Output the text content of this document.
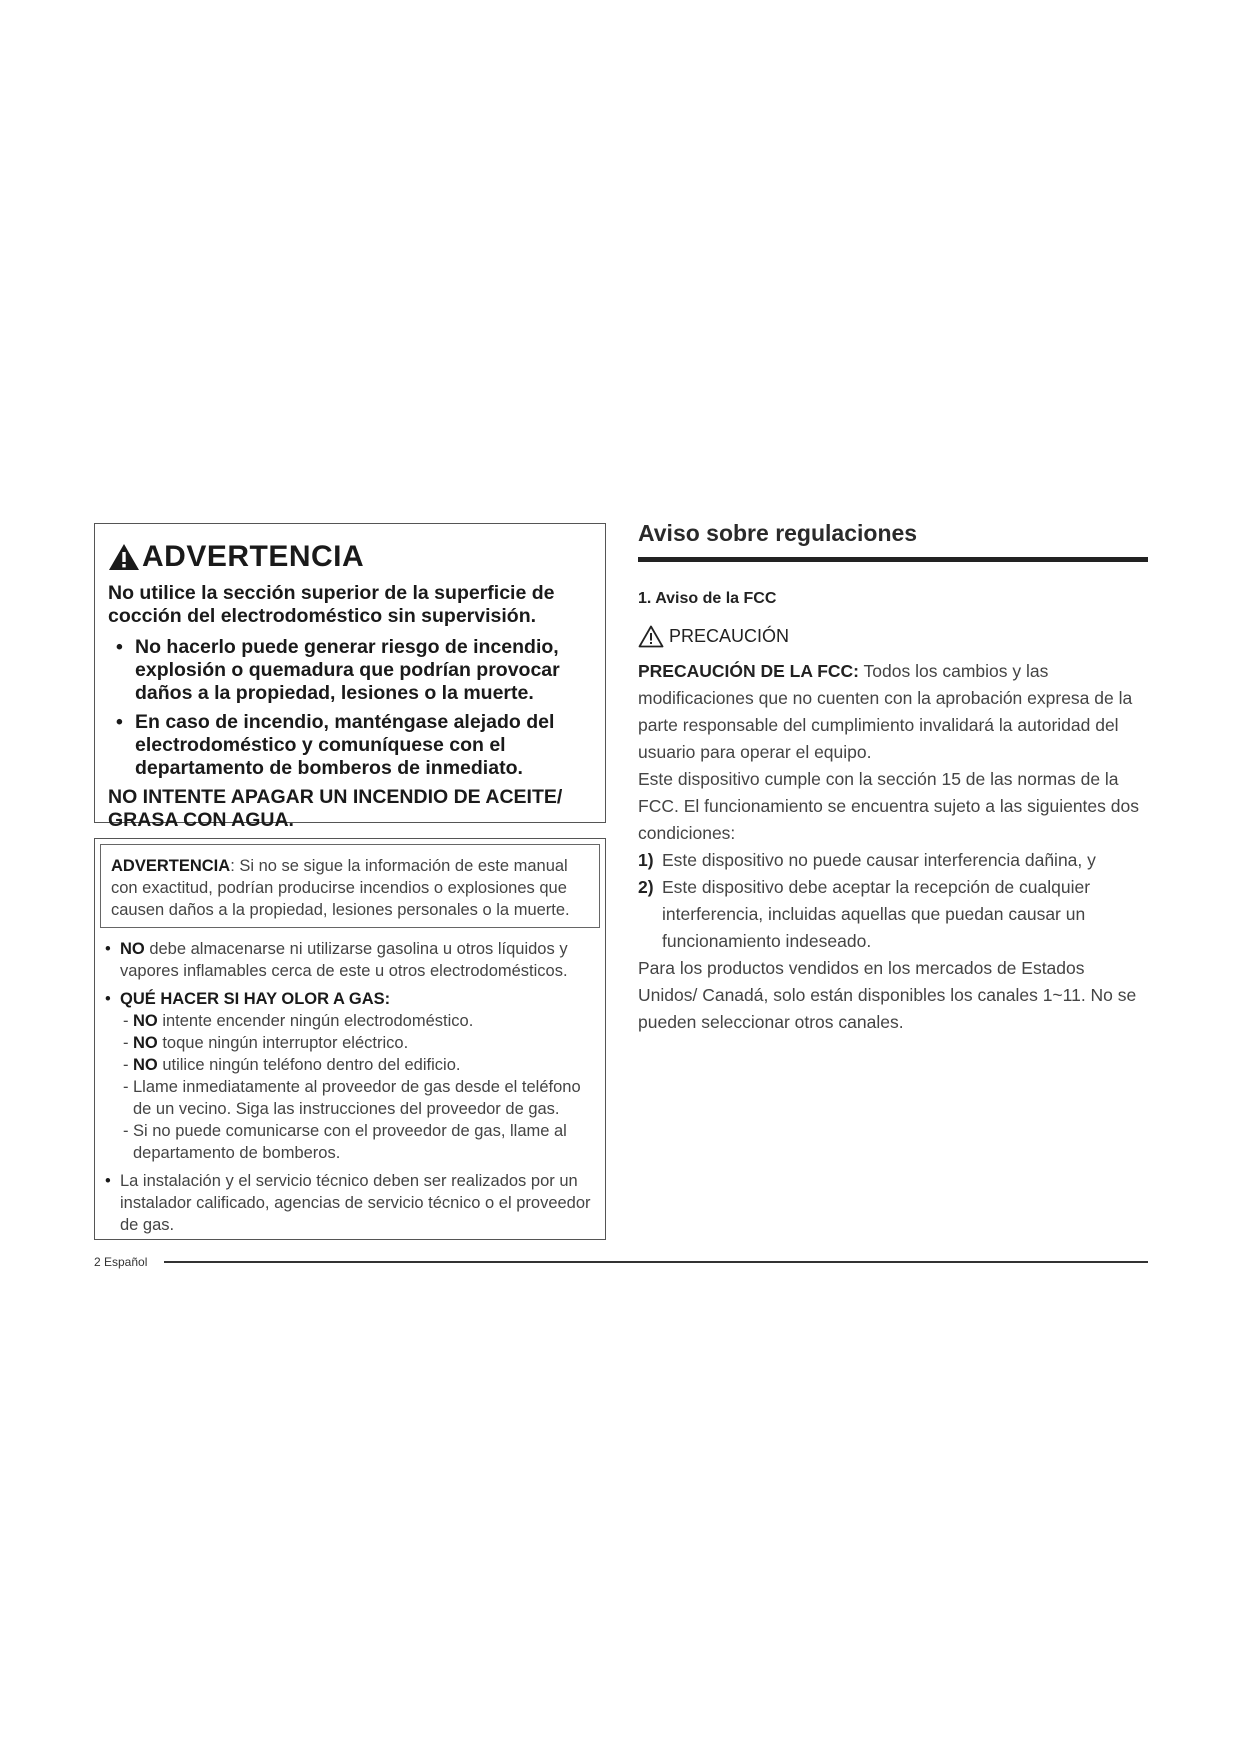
ADVERTENCIA
No utilice la sección superior de la superficie de cocción del electrodoméstico sin supervisión.
• No hacerlo puede generar riesgo de incendio, explosión o quemadura que podrían provocar daños a la propiedad, lesiones o la muerte.
• En caso de incendio, manténgase alejado del electrodoméstico y comuníquese con el departamento de bomberos de inmediato.
NO INTENTE APAGAR UN INCENDIO DE ACEITE/ GRASA CON AGUA.
ADVERTENCIA: Si no se sigue la información de este manual con exactitud, podrían producirse incendios o explosiones que causen daños a la propiedad, lesiones personales o la muerte.
• NO debe almacenarse ni utilizarse gasolina u otros líquidos y vapores inflamables cerca de este u otros electrodomésticos.
• QUÉ HACER SI HAY OLOR A GAS:
- NO intente encender ningún electrodoméstico.
- NO toque ningún interruptor eléctrico.
- NO utilice ningún teléfono dentro del edificio.
- Llame inmediatamente al proveedor de gas desde el teléfono de un vecino. Siga las instrucciones del proveedor de gas.
- Si no puede comunicarse con el proveedor de gas, llame al departamento de bomberos.
• La instalación y el servicio técnico deben ser realizados por un instalador calificado, agencias de servicio técnico o el proveedor de gas.
Aviso sobre regulaciones
1. Aviso de la FCC
PRECAUCIÓN
PRECAUCIÓN DE LA FCC: Todos los cambios y las modificaciones que no cuenten con la aprobación expresa de la parte responsable del cumplimiento invalidará la autoridad del usuario para operar el equipo.
Este dispositivo cumple con la sección 15 de las normas de la FCC. El funcionamiento se encuentra sujeto a las siguientes dos condiciones:
1) Este dispositivo no puede causar interferencia dañina, y
2) Este dispositivo debe aceptar la recepción de cualquier interferencia, incluidas aquellas que puedan causar un funcionamiento indeseado.
Para los productos vendidos en los mercados de Estados Unidos/ Canadá, solo están disponibles los canales 1~11. No se pueden seleccionar otros canales.
2 Español
